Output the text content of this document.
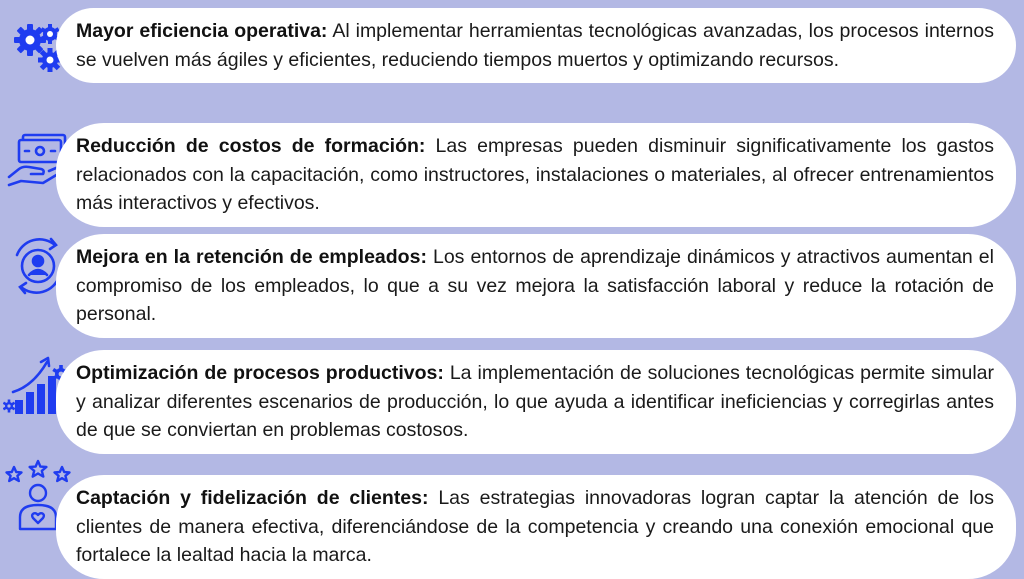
Mayor eficiencia operativa: Al implementar herramientas tecnológicas avanzadas, los procesos internos se vuelven más ágiles y eficientes, reduciendo tiempos muertos y optimizando recursos.

Reducción de costos de formación: Las empresas pueden disminuir significativamente los gastos relacionados con la capacitación, como instructores, instalaciones o materiales, al ofrecer entrenamientos más interactivos y efectivos.

Mejora en la retención de empleados: Los entornos de aprendizaje dinámicos y atractivos aumentan el compromiso de los empleados, lo que a su vez mejora la satisfacción laboral y reduce la rotación de personal.

Optimización de procesos productivos: La implementación de soluciones tecnológicas permite simular y analizar diferentes escenarios de producción, lo que ayuda a identificar ineficiencias y corregirlas antes de que se conviertan en problemas costosos.

Captación y fidelización de clientes: Las estrategias innovadoras logran captar la atención de los clientes de manera efectiva, diferenciándose de la competencia y creando una conexión emocional que fortalece la lealtad hacia la marca.
